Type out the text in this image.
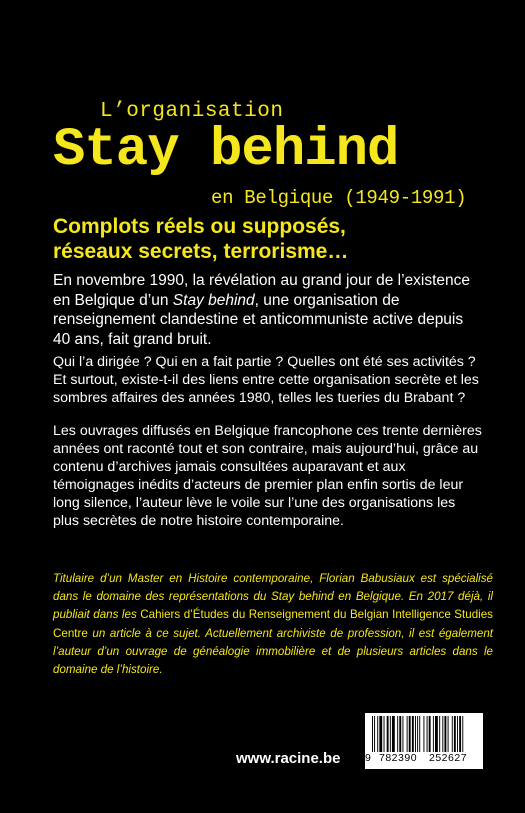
L’organisation
Stay behind
en Belgique (1949-1991)
Complots réels ou supposés,
réseaux secrets, terrorisme…
En novembre 1990, la révélation au grand jour de l’existence en Belgique d’un Stay behind, une organisation de renseignement clandestine et anticommuniste active depuis 40 ans, fait grand bruit.
Qui l’a dirigée ? Qui en a fait partie ? Quelles ont été ses activités ? Et surtout, existe-t-il des liens entre cette organisation secrète et les sombres affaires des années 1980, telles les tueries du Brabant ?
Les ouvrages diffusés en Belgique francophone ces trente dernières années ont raconté tout et son contraire, mais aujourd’hui, grâce au contenu d’archives jamais consultées auparavant et aux témoignages inédits d’acteurs de premier plan enfin sortis de leur long silence, l’auteur lève le voile sur l’une des organisations les plus secrètes de notre histoire contemporaine.
Titulaire d’un Master en Histoire contemporaine, Florian Babusiaux est spécialisé dans le domaine des représentations du Stay behind en Belgique. En 2017 déjà, il publiait dans les Cahiers d’Études du Renseignement du Belgian Intelligence Studies Centre un article à ce sujet. Actuellement archiviste de profession, il est également l’auteur d’un ouvrage de généalogie immobilière et de plusieurs articles dans le domaine de l’histoire.
www.racine.be 9 782390 252627
